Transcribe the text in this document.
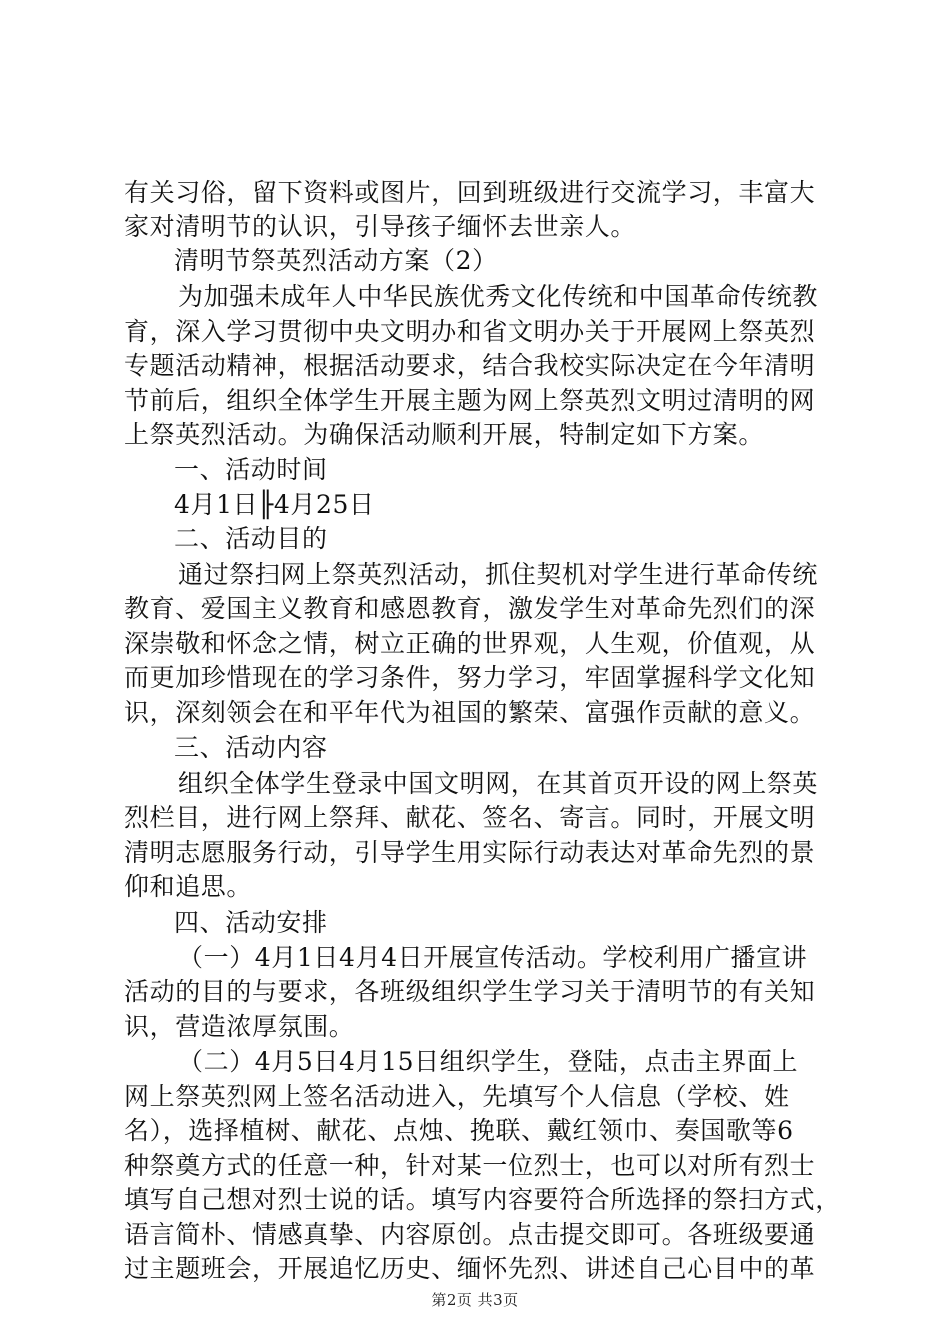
有关习俗，留下资料或图片，回到班级进行交流学习，丰富大
家对清明节的认识，引导孩子缅怀去世亲人。
清明节祭英烈活动方案（2）
为加强未成年人中华民族优秀文化传统和中国革命传统教
育，深入学习贯彻中央文明办和省文明办关于开展网上祭英烈
专题活动精神，根据活动要求，结合我校实际决定在今年清明
节前后，组织全体学生开展主题为网上祭英烈文明过清明的网
上祭英烈活动。为确保活动顺利开展，特制定如下方案。
一、活动时间
4月1日╟4月25日
二、活动目的
通过祭扫网上祭英烈活动，抓住契机对学生进行革命传统
教育、爱国主义教育和感恩教育，激发学生对革命先烈们的深
深崇敬和怀念之情，树立正确的世界观，人生观，价值观，从
而更加珍惜现在的学习条件，努力学习，牢固掌握科学文化知
识，深刻领会在和平年代为祖国的繁荣、富强作贡献的意义。
三、活动内容
组织全体学生登录中国文明网，在其首页开设的网上祭英
烈栏目，进行网上祭拜、献花、签名、寄言。同时，开展文明
清明志愿服务行动，引导学生用实际行动表达对革命先烈的景
仰和追思。
四、活动安排
（一）4月1日4月4日开展宣传活动。学校利用广播宣讲
活动的目的与要求，各班级组织学生学习关于清明节的有关知
识，营造浓厚氛围。
（二）4月5日4月15日组织学生，登陆，点击主界面上
网上祭英烈网上签名活动进入，先填写个人信息（学校、姓
名），选择植树、献花、点烛、挽联、戴红领巾、奏国歌等6
种祭奠方式的任意一种，针对某一位烈士，也可以对所有烈士
填写自己想对烈士说的话。填写内容要符合所选择的祭扫方式，
语言简朴、情感真挚、内容原创。点击提交即可。各班级要通
过主题班会，开展追忆历史、缅怀先烈、讲述自己心目中的革
第2页 共3页
